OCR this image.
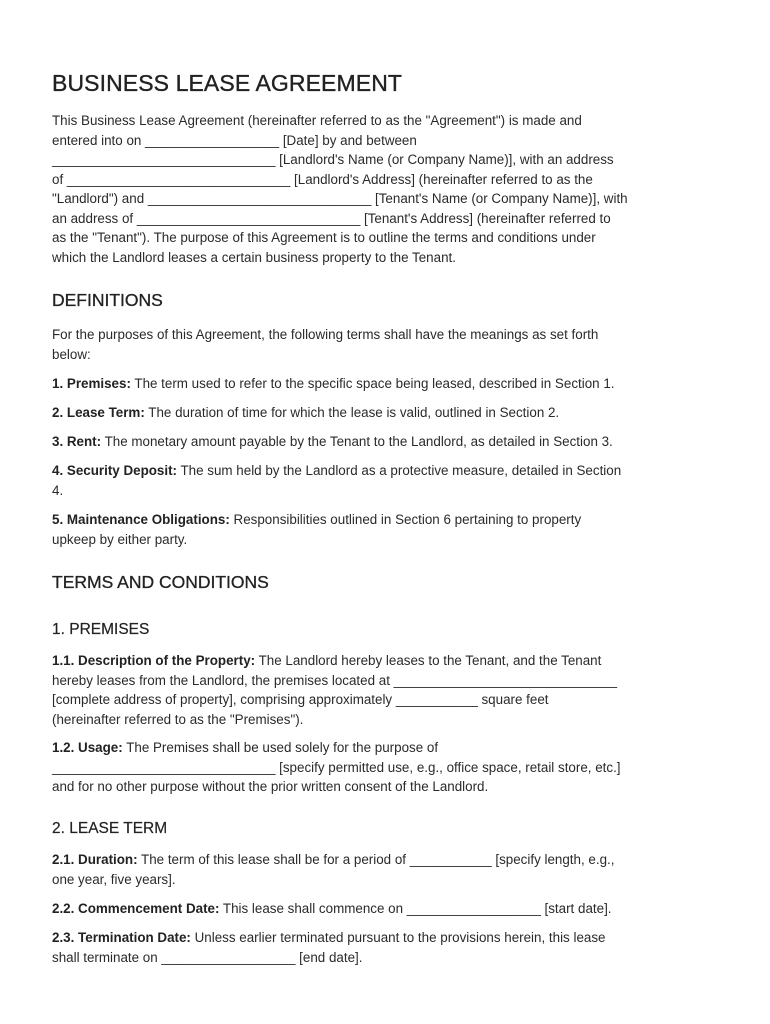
BUSINESS LEASE AGREEMENT

This Business Lease Agreement (hereinafter referred to as the "Agreement") is made and
entered into on __________________ [Date] by and between
______________________________ [Landlord's Name (or Company Name)], with an address
of ______________________________ [Landlord's Address] (hereinafter referred to as the
"Landlord") and ______________________________ [Tenant's Name (or Company Name)], with
an address of ______________________________ [Tenant's Address] (hereinafter referred to
as the "Tenant"). The purpose of this Agreement is to outline the terms and conditions under
which the Landlord leases a certain business property to the Tenant.

DEFINITIONS

For the purposes of this Agreement, the following terms shall have the meanings as set forth
below:

1. Premises: The term used to refer to the specific space being leased, described in Section 1.

2. Lease Term: The duration of time for which the lease is valid, outlined in Section 2.

3. Rent: The monetary amount payable by the Tenant to the Landlord, as detailed in Section 3.

4. Security Deposit: The sum held by the Landlord as a protective measure, detailed in Section
4.

5. Maintenance Obligations: Responsibilities outlined in Section 6 pertaining to property
upkeep by either party.

TERMS AND CONDITIONS
1. PREMISES

1.1. Description of the Property: The Landlord hereby leases to the Tenant, and the Tenant
hereby leases from the Landlord, the premises located at ______________________________
[complete address of property], comprising approximately ___________ square feet
(hereinafter referred to as the "Premises").

1.2. Usage: The Premises shall be used solely for the purpose of
______________________________ [specify permitted use, e.g., office space, retail store, etc.]
and for no other purpose without the prior written consent of the Landlord.

2. LEASE TERM

2.1. Duration: The term of this lease shall be for a period of ___________ [specify length, e.g.,
one year, five years].

2.2. Commencement Date: This lease shall commence on __________________ [start date].

2.3. Termination Date: Unless earlier terminated pursuant to the provisions herein, this lease
shall terminate on __________________ [end date].
